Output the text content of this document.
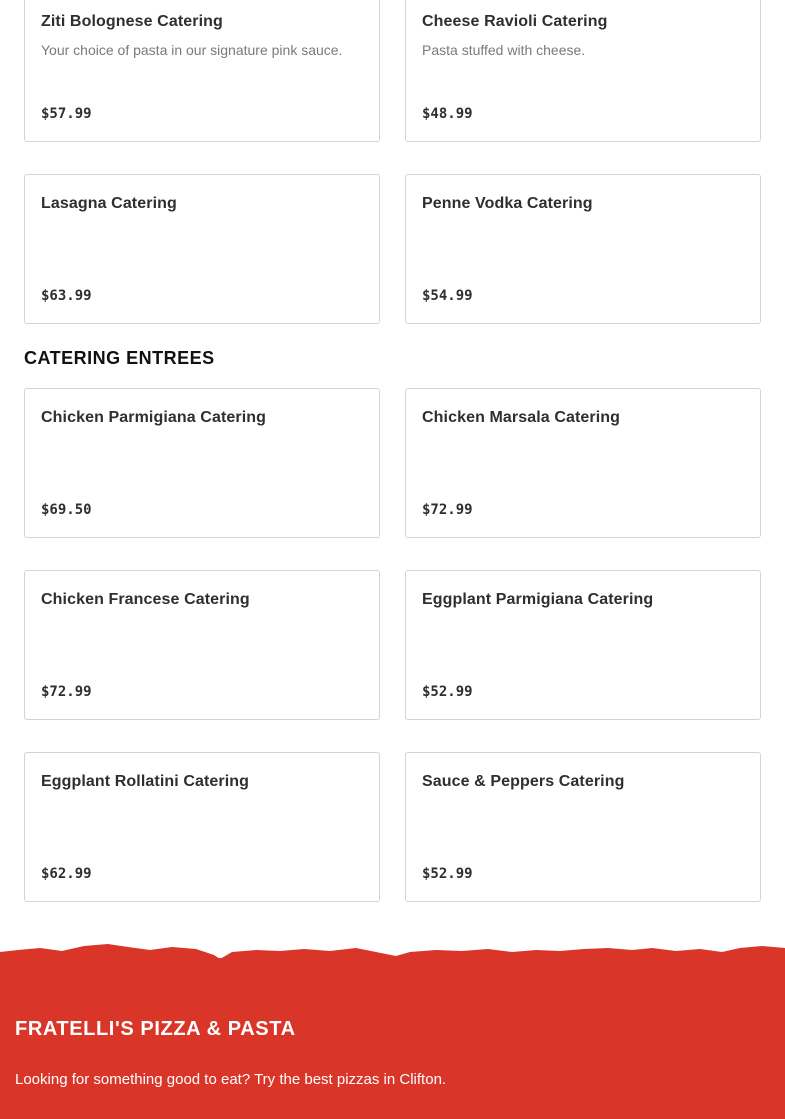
Ziti Bolognese Catering
Your choice of pasta in our signature pink sauce.
$57.99
Cheese Ravioli Catering
Pasta stuffed with cheese.
$48.99
Lasagna Catering
$63.99
Penne Vodka Catering
$54.99
CATERING ENTREES
Chicken Parmigiana Catering
$69.50
Chicken Marsala Catering
$72.99
Chicken Francese Catering
$72.99
Eggplant Parmigiana Catering
$52.99
Eggplant Rollatini Catering
$62.99
Sauce & Peppers Catering
$52.99
FRATELLI'S PIZZA & PASTA
Looking for something good to eat? Try the best pizzas in Clifton.
